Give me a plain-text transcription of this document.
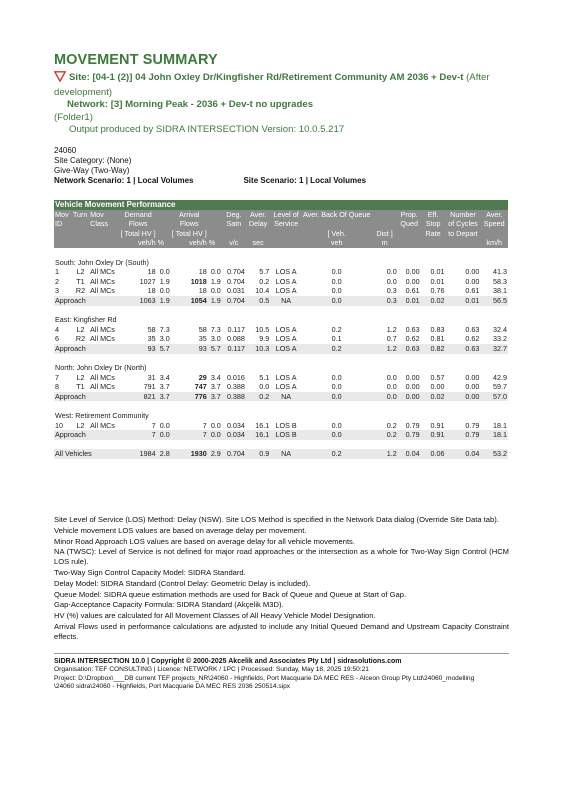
MOVEMENT SUMMARY
Site: [04-1 (2)] 04 John Oxley Dr/Kingfisher Rd/Retirement Community AM 2036 + Dev-t (After development)
Network: [3] Morning Peak - 2036 + Dev-t no upgrades
(Folder1)
Output produced by SIDRA INTERSECTION Version: 10.0.5.217
24060
Site Category: (None)
Give-Way (Two-Way)
Network Scenario: 1 | Local Volumes	Site Scenario: 1 | Local Volumes
Vehicle Movement Performance															
Mov	Turn	Mov	Demand		Arrival		Deg.	Aver.	Level of	Aver. Back Of Queue		Prop.	Eff.	Number	Aver.
ID		Class	Flows		Flows		Satn	Delay	Service			Qued	Stop	of Cycles	Speed
			[ Total HV ]		[ Total HV ]					[ Veh.	Dist ]		Rate	to Depart	
			veh/h	%	veh/h	%	v/c	sec		veh	m				km/h

South: John Oxley Dr (South)															
1	L2	All MCs	18	0.0	18	0.0	0.704	5.7	LOS A	0.0	0.0	0.00	0.01	0.00	41.3
2	T1	All MCs	1027	1.9	1018	1.9	0.704	0.2	LOS A	0.0	0.0	0.00	0.01	0.00	58.3
3	R2	All MCs	18	0.0	18	0.0	0.031	10.4	LOS A	0.0	0.3	0.61	0.76	0.61	38.1
Approach			1063	1.9	1054	1.9	0.704	0.5	NA	0.0	0.3	0.01	0.02	0.01	56.5

East: Kingfisher Rd															
4	L2	All MCs	58	7.3	58	7.3	0.117	10.5	LOS A	0.2	1.2	0.63	0.83	0.63	32.4
6	R2	All MCs	35	3.0	35	3.0	0.088	9.9	LOS A	0.1	0.7	0.62	0.81	0.62	33.2
Approach			93	5.7	93	5.7	0.117	10.3	LOS A	0.2	1.2	0.63	0.82	0.63	32.7

North: John Oxley Dr (North)															
7	L2	All MCs	31	3.4	29	3.4	0.016	5.1	LOS A	0.0	0.0	0.00	0.57	0.00	42.9
8	T1	All MCs	791	3.7	747	3.7	0.388	0.0	LOS A	0.0	0.0	0.00	0.00	0.00	59.7
Approach			821	3.7	776	3.7	0.388	0.2	NA	0.0	0.0	0.00	0.02	0.00	57.0

West: Retirement Community															
10	L2	All MCs	7	0.0	7	0.0	0.034	16.1	LOS B	0.0	0.2	0.79	0.91	0.79	18.1
Approach			7	0.0	7	0.0	0.034	16.1	LOS B	0.0	0.2	0.79	0.91	0.79	18.1

All Vehicles			1984	2.8	1930	2.9	0.704	0.9	NA	0.2	1.2	0.04	0.06	0.04	53.2

Site Level of Service (LOS) Method: Delay (NSW). Site LOS Method is specified in the Network Data dialog (Override Site Data tab).

Vehicle movement LOS values are based on average delay per movement.

Minor Road Approach LOS values are based on average delay for all vehicle movements.

NA (TWSC): Level of Service is not defined for major road approaches or the intersection as a whole for Two-Way Sign Control (HCM LOS rule).

Two-Way Sign Control Capacity Model: SIDRA Standard.

Delay Model: SIDRA Standard (Control Delay: Geometric Delay is included).

Queue Model: SIDRA queue estimation methods are used for Back of Queue and Queue at Start of Gap.

Gap-Acceptance Capacity Formula: SIDRA Standard (Akçelik M3D).

HV (%) values are calculated for All Movement Classes of All Heavy Vehicle Model Designation.

Arrival Flows used in performance calculations are adjusted to include any Initial Queued Demand and Upstream Capacity Constraint effects.

SIDRA INTERSECTION 10.0 | Copyright © 2000-2025 Akcelik and Associates Pty Ltd | sidrasolutions.com
Organisation: TEF CONSULTING | Licence: NETWORK / 1PC | Processed: Sunday, May 18, 2025 19:50:21
Project: D:\Dropbox\___DB current TEF projects_NR\24060 - Highfields, Port Macquarie DA MEC RES - Alceon Group Pty Ltd\24060_modelling
\24060 sidra\24060 - Highfields, Port Macquarie DA MEC RES 2036 250514.sipx
